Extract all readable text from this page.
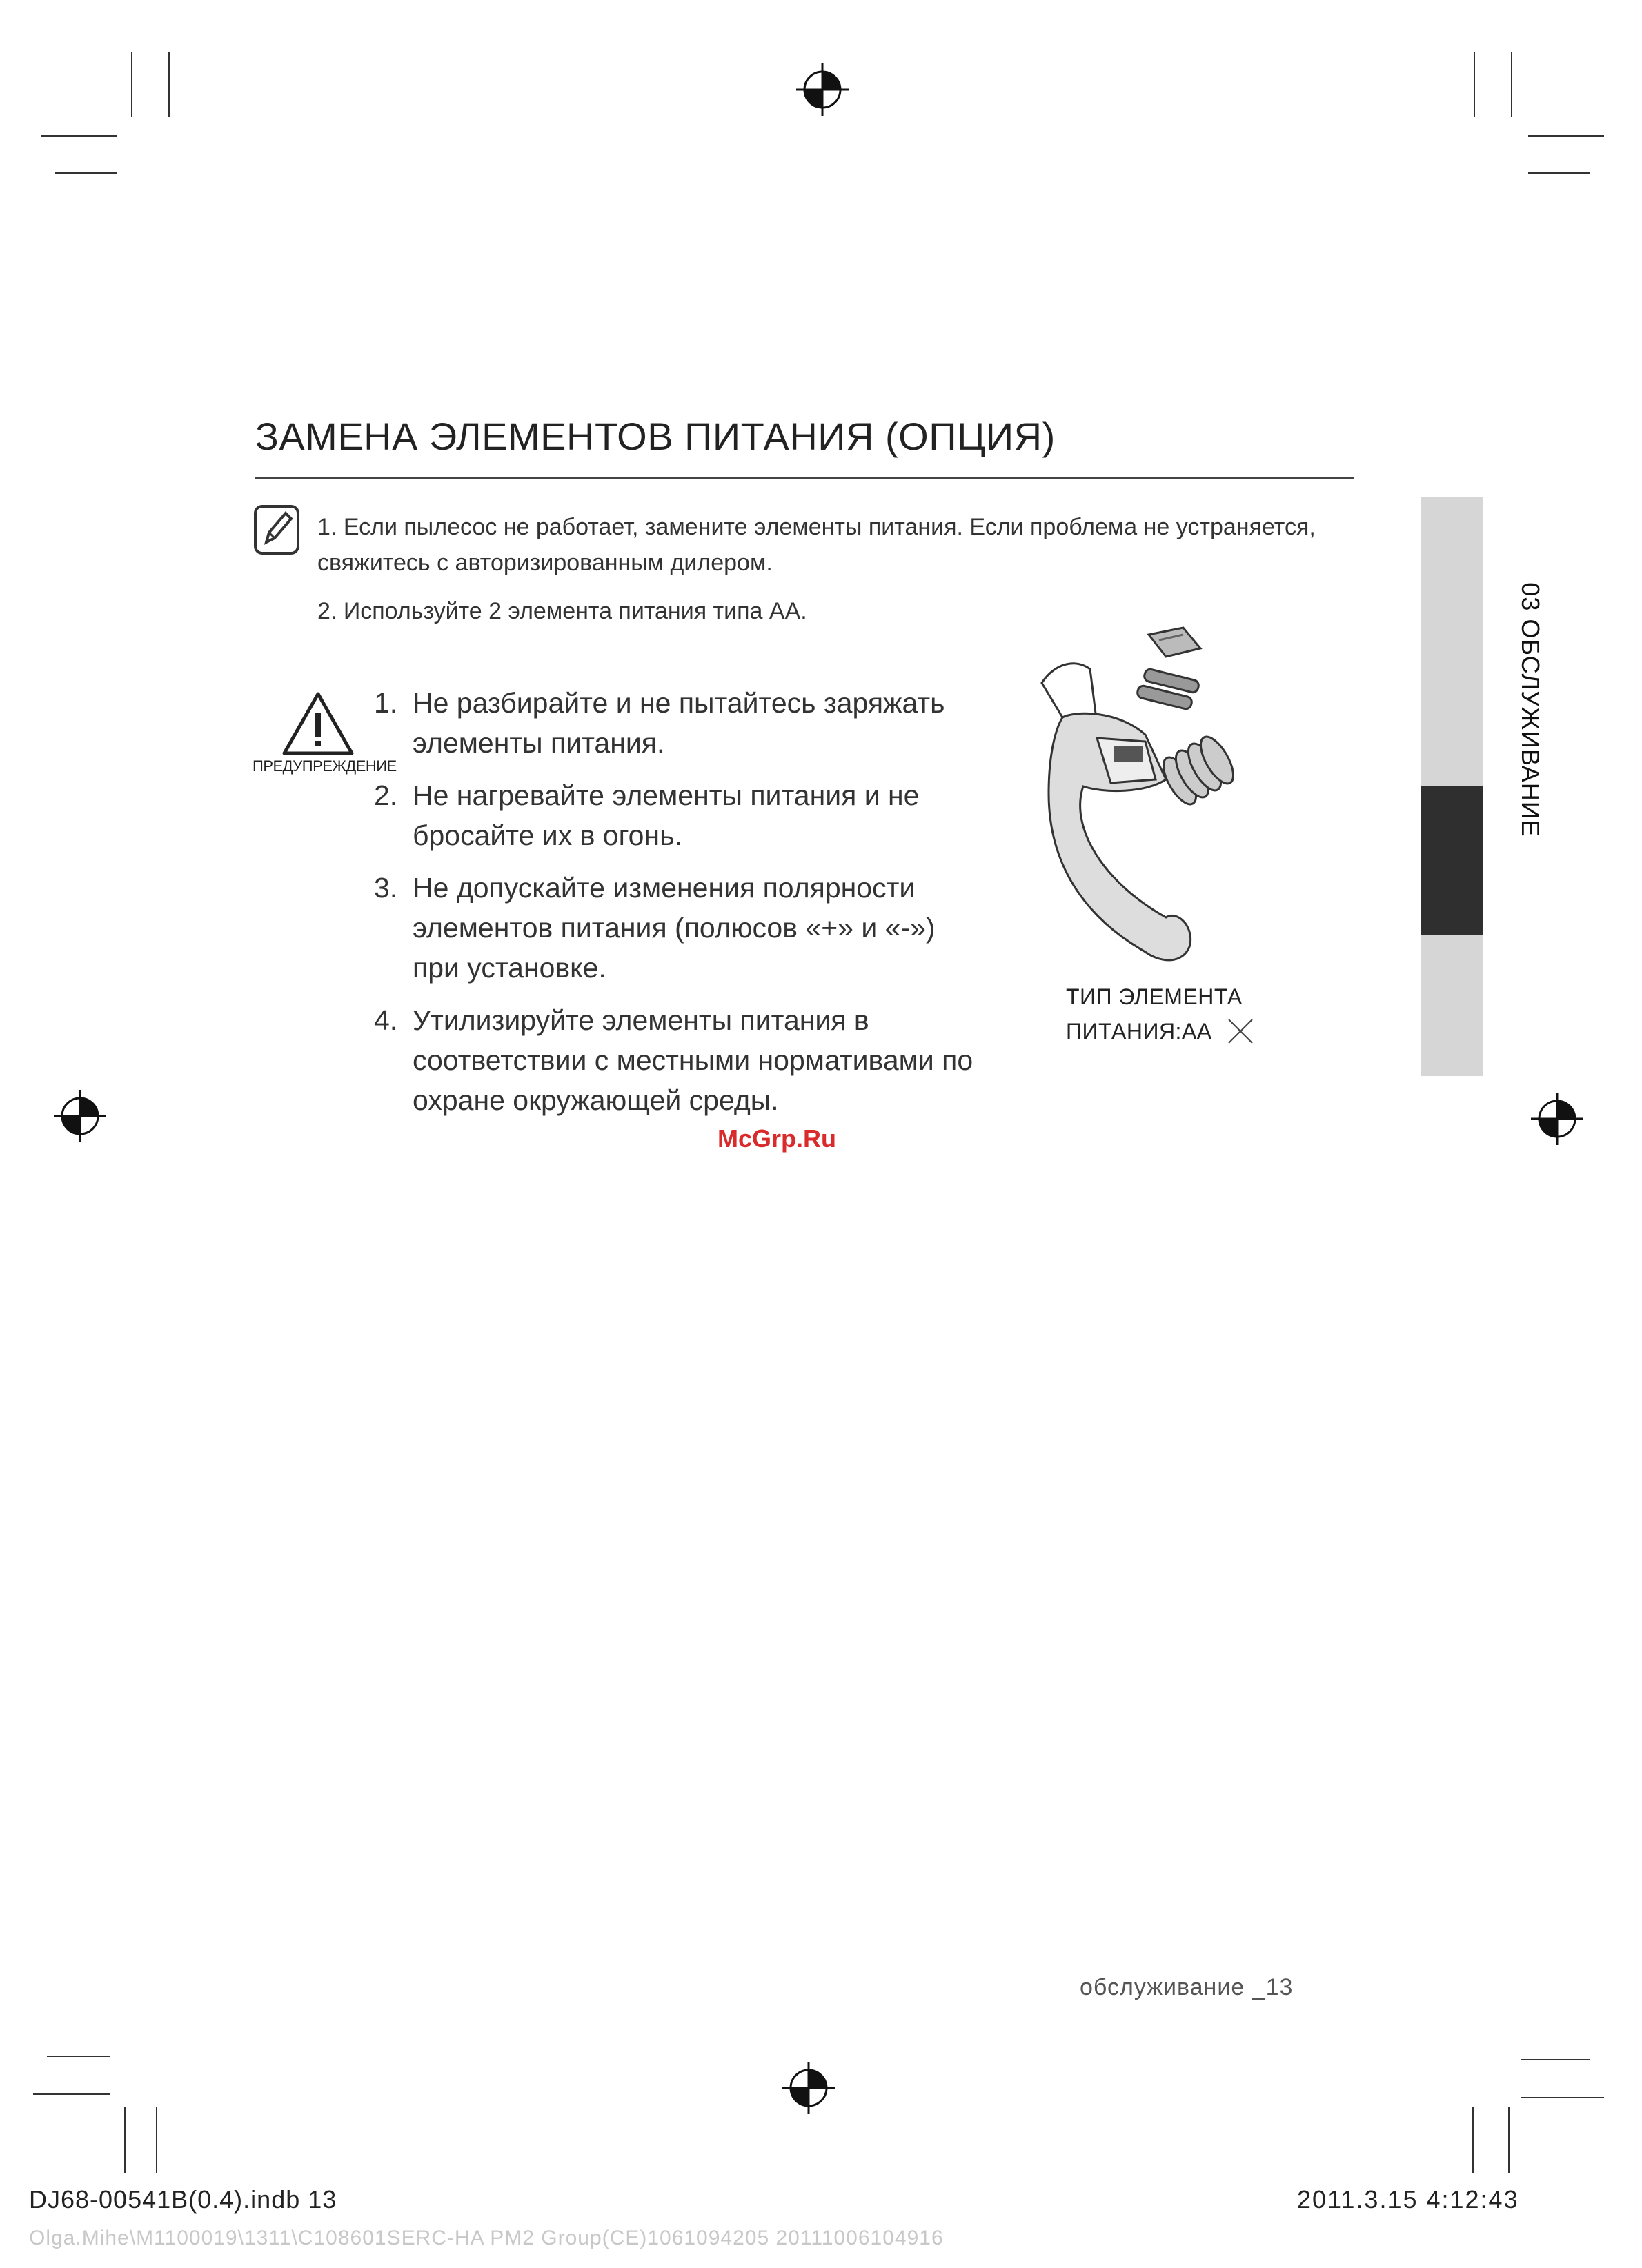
ЗАМЕНА ЭЛЕМЕНТОВ ПИТАНИЯ (ОПЦИЯ)
1. Если пылесос не работает, замените элементы питания. Если проблема не устраняется, свяжитесь с авторизированным дилером.
2. Используйте 2 элемента питания типа АА.
ПРЕДУПРЕЖДЕНИЕ
1. Не разбирайте и не пытайтесь заряжать элементы питания.
2. Не нагревайте элементы питания и не бросайте их в огонь.
3. Не допускайте изменения полярности элементов питания (полюсов «+» и «-») при установке.
4. Утилизируйте элементы питания в соответствии с местными нормативами по охране окружающей среды.
ТИП ЭЛЕМЕНТА
ПИТАНИЯ:АА
03 ОБСЛУЖИВАНИЕ
McGrp.Ru
обслуживание _13
DJ68-00541B(0.4).indb 13	2011.3.15 4:12:43
Olga.Mihe\M1100019\1311\C108601SERC-HA PM2 Group(CE)1061094205 20111006104916
